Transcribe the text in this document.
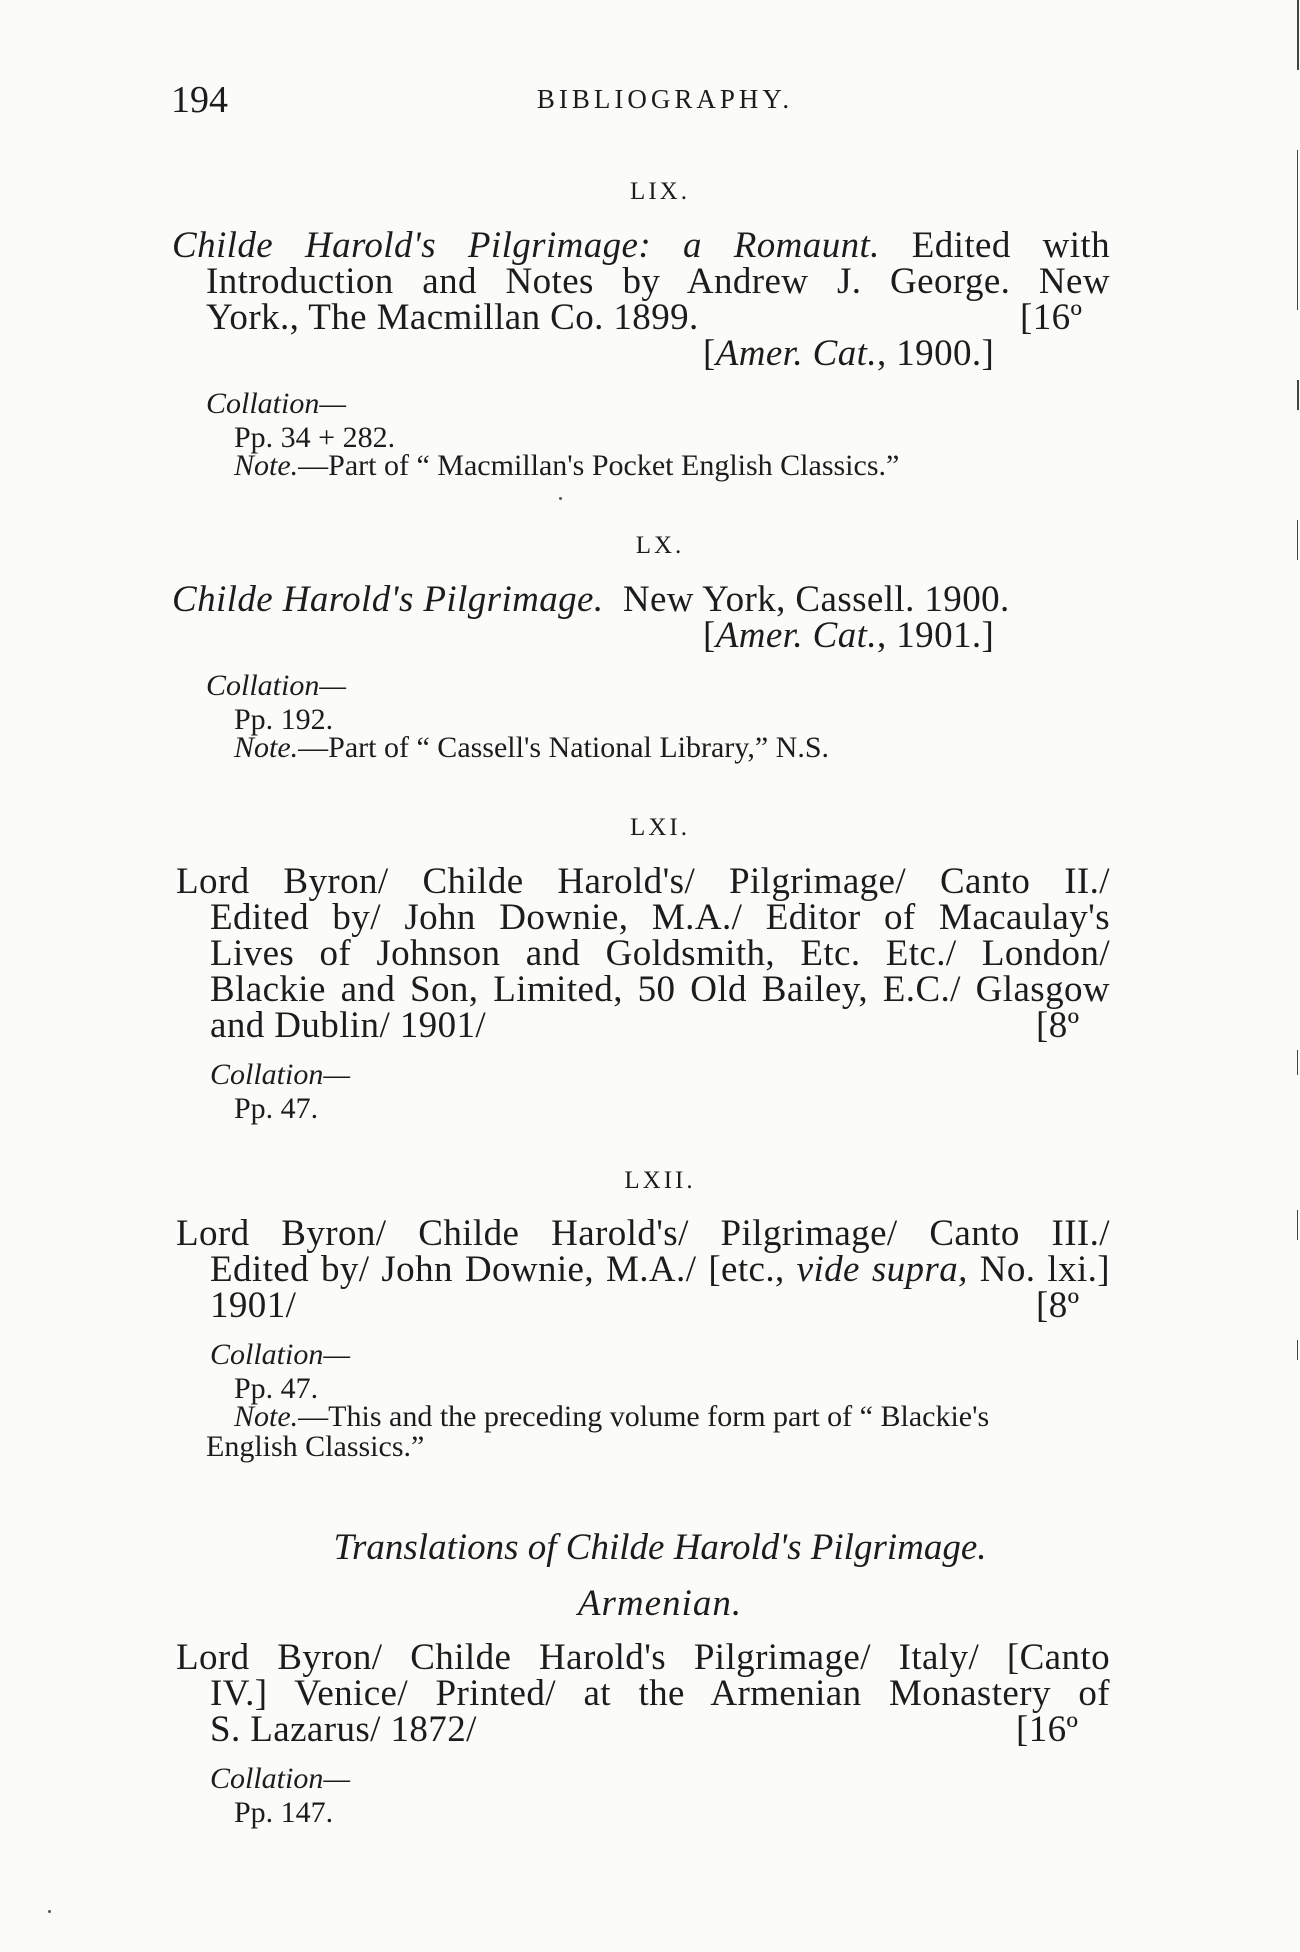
194	BIBLIOGRAPHY.
LIX.
Childe Harold's Pilgrimage: a Romaunt. Edited with
Introduction and Notes by Andrew J. George. New
York., The Macmillan Co. 1899.	[16º
[Amer. Cat., 1900.]
Collation—
Pp. 34 + 282.
Note.—Part of “ Macmillan's Pocket English Classics.”
LX.
Childe Harold's Pilgrimage. New York, Cassell. 1900.
[Amer. Cat., 1901.]
Collation—
Pp. 192.
Note.—Part of “ Cassell's National Library,” N.S.
LXI.
Lord Byron/ Childe Harold's/ Pilgrimage/ Canto II./
Edited by/ John Downie, M.A./ Editor of Macaulay's
Lives of Johnson and Goldsmith, Etc. Etc./ London/
Blackie and Son, Limited, 50 Old Bailey, E.C./ Glasgow
and Dublin/ 1901/	[8º
Collation—
Pp. 47.
LXII.
Lord Byron/ Childe Harold's/ Pilgrimage/ Canto III./
Edited by/ John Downie, M.A./ [etc., vide supra, No. lxi.]
1901/	[8º
Collation—
Pp. 47.
Note.—This and the preceding volume form part of “ Blackie's
English Classics.”
Translations of Childe Harold's Pilgrimage.
Armenian.
Lord Byron/ Childe Harold's Pilgrimage/ Italy/ [Canto
IV.] Venice/ Printed/ at the Armenian Monastery of
S. Lazarus/ 1872/	[16º
Collation—
Pp. 147.
